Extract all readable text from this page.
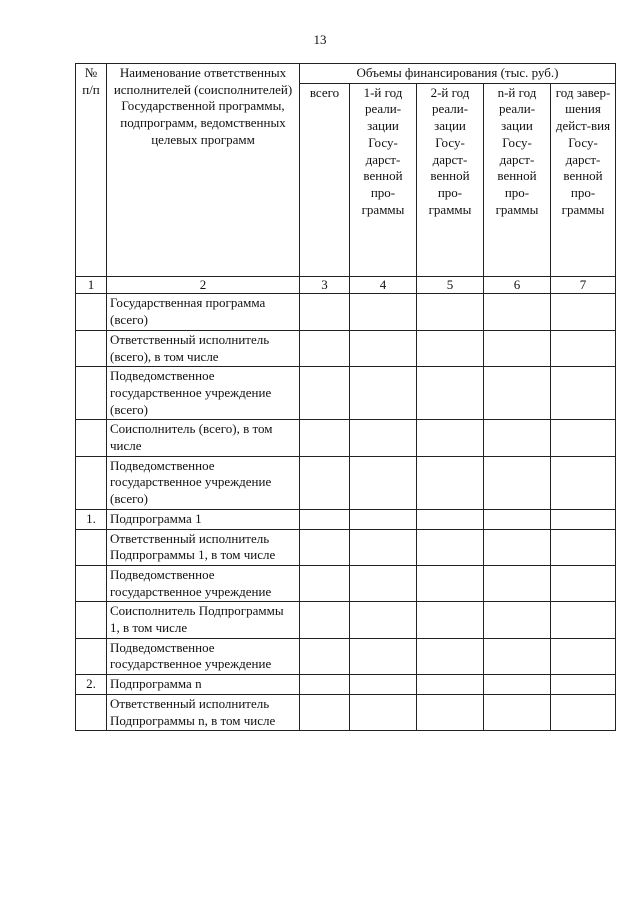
13
№ п/п	Наименование ответственных исполнителей (соисполнителей) Государственной программы, подпрограмм, ведомственных целевых программ	Объемы финансирования (тыс. руб.)				
		всего	1-й год реали-зации Госу-дарст-венной про-граммы	2-й год реали-зации Госу-дарст-венной про-граммы	n-й год реали-зации Госу-дарст-венной про-граммы	год завер-шения дейст-вия Госу-дарст-венной про-граммы
1	2	3	4	5	6	7
	Государственная программа (всего)					
	Ответственный исполнитель (всего), в том числе					
	Подведомственное государственное учреждение (всего)					
	Соисполнитель (всего), в том числе					
	Подведомственное государственное учреждение (всего)					
1.	Подпрограмма 1					
	Ответственный исполнитель Подпрограммы 1, в том числе					
	Подведомственное государственное учреждение					
	Соисполнитель Подпрограммы 1, в том числе					
	Подведомственное государственное учреждение					
2.	Подпрограмма n					
	Ответственный исполнитель Подпрограммы n, в том числе					
